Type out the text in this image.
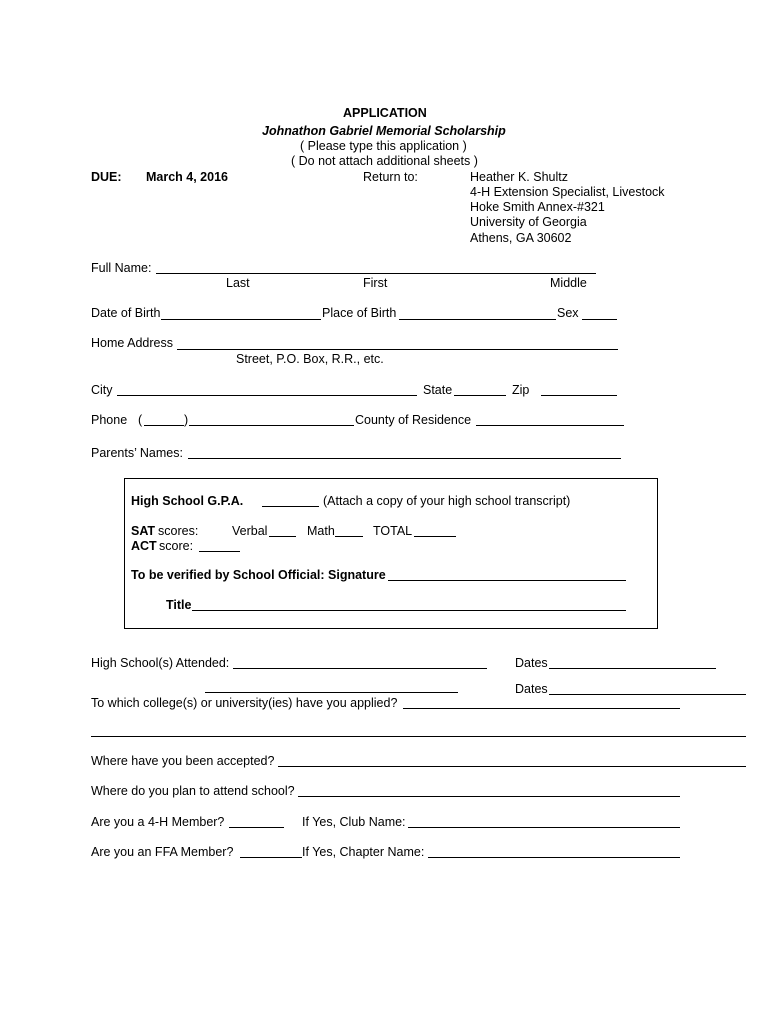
APPLICATION
Johnathon Gabriel Memorial Scholarship
( Please type this application )
( Do not attach additional sheets )
DUE: March 4, 2016	Return to:	Heather K. Shultz
4-H Extension Specialist, Livestock
Hoke Smith Annex-#321
University of Georgia
Athens, GA 30602
Full Name:
Last	First	Middle
Date of Birth	Place of Birth	Sex
Home Address
Street, P.O. Box, R.R., etc.
City	State	Zip
Phone (	)	County of Residence
Parents’ Names:
High School G.P.A.	(Attach a copy of your high school transcript)
SAT scores:	Verbal	Math	TOTAL
ACT score:
To be verified by School Official: Signature
Title
High School(s) Attended:	Dates
Dates
To which college(s) or university(ies) have you applied?
Where have you been accepted?
Where do you plan to attend school?
Are you a 4-H Member?	If Yes, Club Name:
Are you an FFA Member?	If Yes, Chapter Name:
